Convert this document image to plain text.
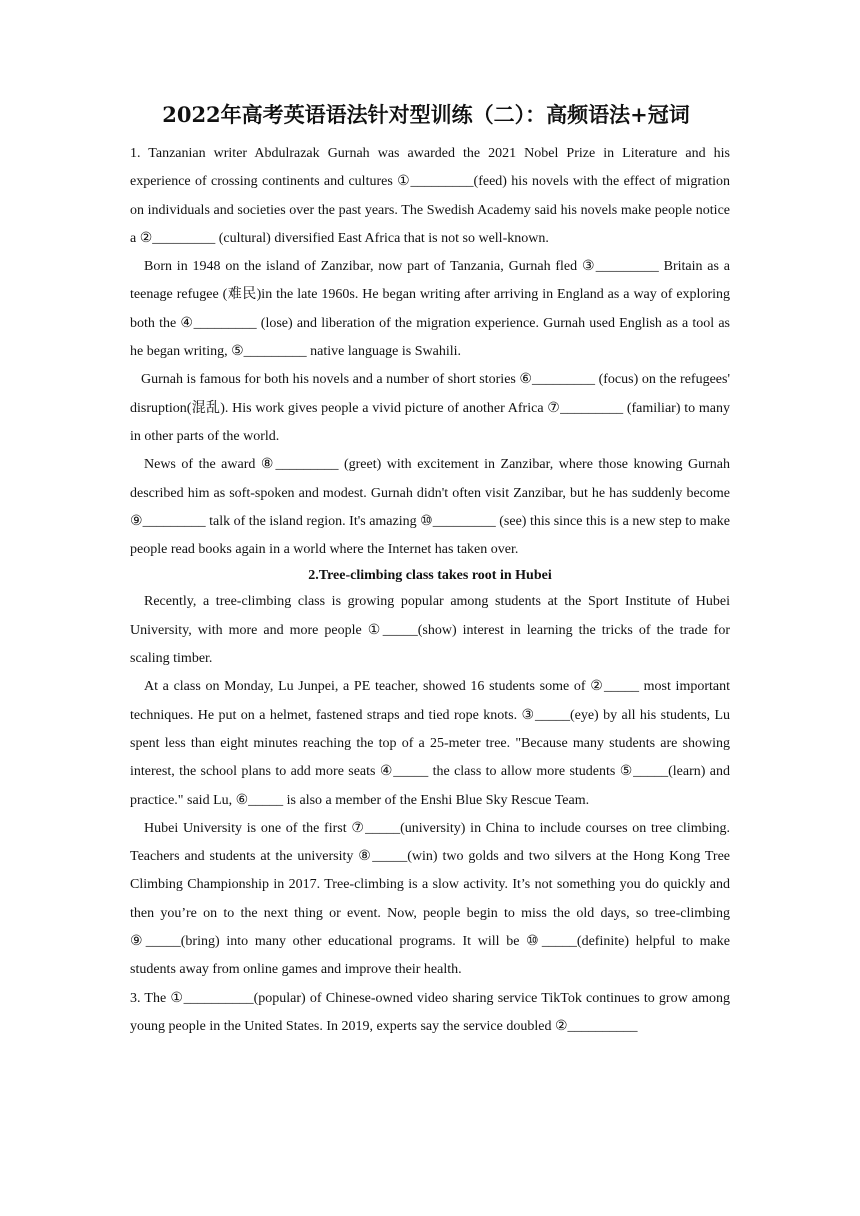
2022年高考英语语法针对型训练（二）：高频语法+冠词

1. Tanzanian writer Abdulrazak Gurnah was awarded the 2021 Nobel Prize in Literature and his experience of crossing continents and cultures ①_________(feed) his novels with the effect of migration on individuals and societies over the past years. The Swedish Academy said his novels make people notice a ②_________ (cultural) diversified East Africa that is not so well-known.

Born in 1948 on the island of Zanzibar, now part of Tanzania, Gurnah fled ③_________ Britain as a teenage refugee (难民)in the late 1960s. He began writing after arriving in England as a way of exploring both the ④_________ (lose) and liberation of the migration experience. Gurnah used English as a tool as he began writing, ⑤_________ native language is Swahili.

Gurnah is famous for both his novels and a number of short stories ⑥_________ (focus) on the refugees' disruption(混乱). His work gives people a vivid picture of another Africa ⑦_________ (familiar) to many in other parts of the world.

News of the award ⑧_________ (greet) with excitement in Zanzibar, where those knowing Gurnah described him as soft-spoken and modest. Gurnah didn't often visit Zanzibar, but he has suddenly become ⑨_________ talk of the island region. It's amazing ⑩_________ (see) this since this is a new step to make people read books again in a world where the Internet has taken over.

2.Tree-climbing class takes root in Hubei

Recently, a tree-climbing class is growing popular among students at the Sport Institute of Hubei University, with more and more people ①_____(show) interest in learning the tricks of the trade for scaling timber.

At a class on Monday, Lu Junpei, a PE teacher, showed 16 students some of ②_____ most important techniques. He put on a helmet, fastened straps and tied rope knots. ③_____(eye) by all his students, Lu spent less than eight minutes reaching the top of a 25-meter tree. "Because many students are showing interest, the school plans to add more seats ④_____ the class to allow more students ⑤_____(learn) and practice." said Lu, ⑥_____ is also a member of the Enshi Blue Sky Rescue Team.

Hubei University is one of the first ⑦_____(university) in China to include courses on tree climbing. Teachers and students at the university ⑧_____(win) two golds and two silvers at the Hong Kong Tree Climbing Championship in 2017. Tree-climbing is a slow activity. It’s not something you do quickly and then you’re on to the next thing or event. Now, people begin to miss the old days, so tree-climbing ⑨_____(bring) into many other educational programs. It will be ⑩_____(definite) helpful to make students away from online games and improve their health.

3. The ①__________(popular) of Chinese-owned video sharing service TikTok continues to grow among young people in the United States. In 2019, experts say the service doubled ②__________
